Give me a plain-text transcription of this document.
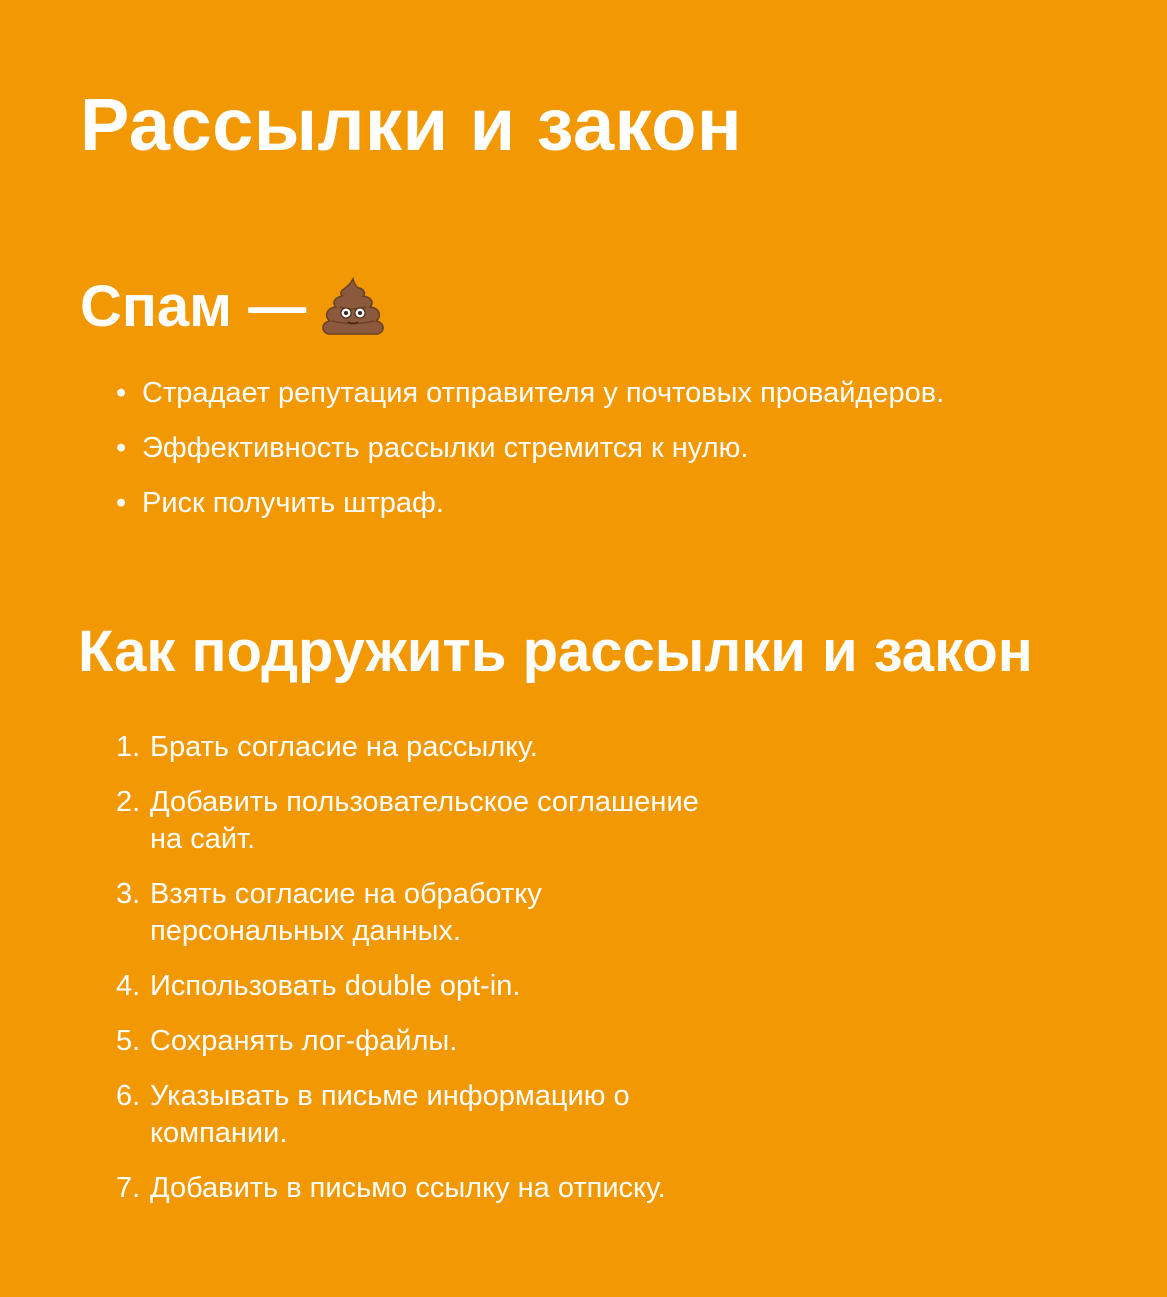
Рассылки и закон
Спам —
• Страдает репутация отправителя у почтовых провайдеров.
• Эффективность рассылки стремится к нулю.
• Риск получить штраф.
Как подружить рассылки и закон
1. Брать согласие на рассылку.
2. Добавить пользовательское соглашение на сайт.
3. Взять согласие на обработку персональных данных.
4. Использовать double opt-in.
5. Сохранять лог-файлы.
6. Указывать в письме информацию о компании.
7. Добавить в письмо ссылку на отписку.
